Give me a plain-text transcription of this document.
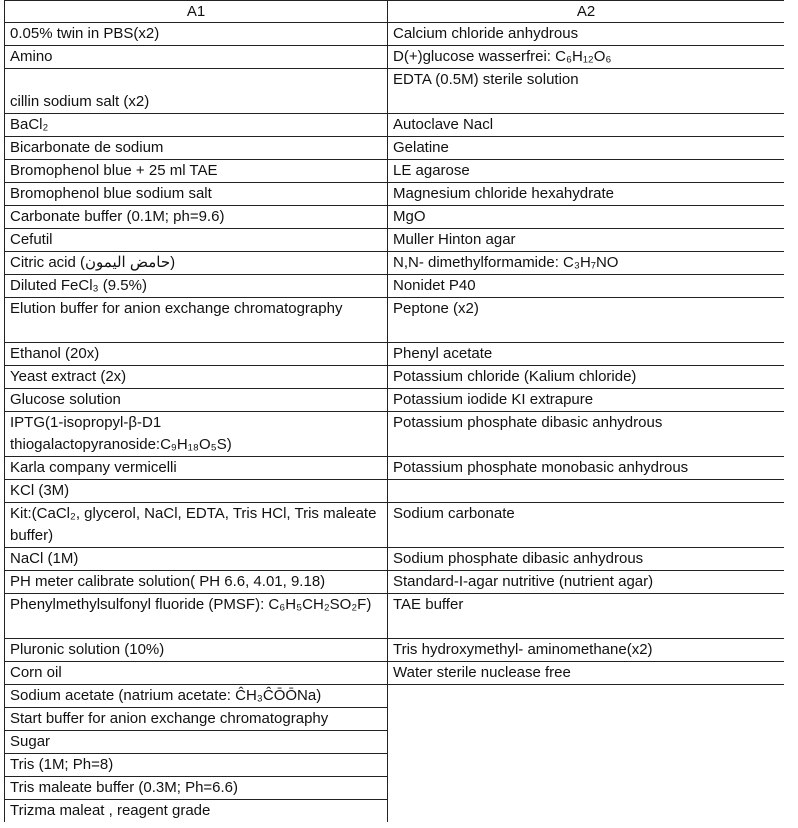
A1	A2
0.05% twin in PBS(x2)	Calcium chloride anhydrous
Amino	D(+)glucose wasserfrei: C₆H₁₂O₆
cillin sodium salt (x2)	EDTA (0.5M) sterile solution
BaCl₂	Autoclave Nacl
Bicarbonate de sodium	Gelatine
Bromophenol blue + 25 ml TAE	LE agarose
Bromophenol blue sodium salt	Magnesium chloride hexahydrate
Carbonate buffer (0.1M; ph=9.6)	MgO
Cefutil	Muller Hinton agar
Citric acid (حامض اليمون)	N,N- dimethylformamide: C₃H₇NO
Diluted FeCl₃ (9.5%)	Nonidet P40
Elution buffer for anion exchange chromatography	Peptone (x2)
Ethanol (20x)	Phenyl acetate
Yeast extract (2x)	Potassium chloride (Kalium chloride)
Glucose solution	Potassium iodide KI extrapure
IPTG(1-isopropyl-β-D1 thiogalactopyranoside:C₉H₁₈O₅S)	Potassium phosphate dibasic anhydrous
Karla company vermicelli	Potassium phosphate monobasic anhydrous
KCl (3M)	
Kit:(CaCl₂, glycerol, NaCl, EDTA, Tris HCl, Tris maleate buffer)	Sodium carbonate
NaCl (1M)	Sodium phosphate dibasic anhydrous
PH meter calibrate solution( PH 6.6, 4.01, 9.18)	Standard-I-agar nutritive (nutrient agar)
Phenylmethylsulfonyl fluoride (PMSF): C₆H₅CH₂SO₂F)	TAE buffer
Pluronic solution (10%)	Tris hydroxymethyl- aminomethane(x2)
Corn oil	Water sterile nuclease free
Sodium acetate (natrium acetate: ĈH₃ĈŌŌNa)	
Start buffer for anion exchange chromatography	
Sugar	
Tris (1M; Ph=8)	
Tris maleate buffer (0.3M; Ph=6.6)	
Trizma maleat , reagent grade	
